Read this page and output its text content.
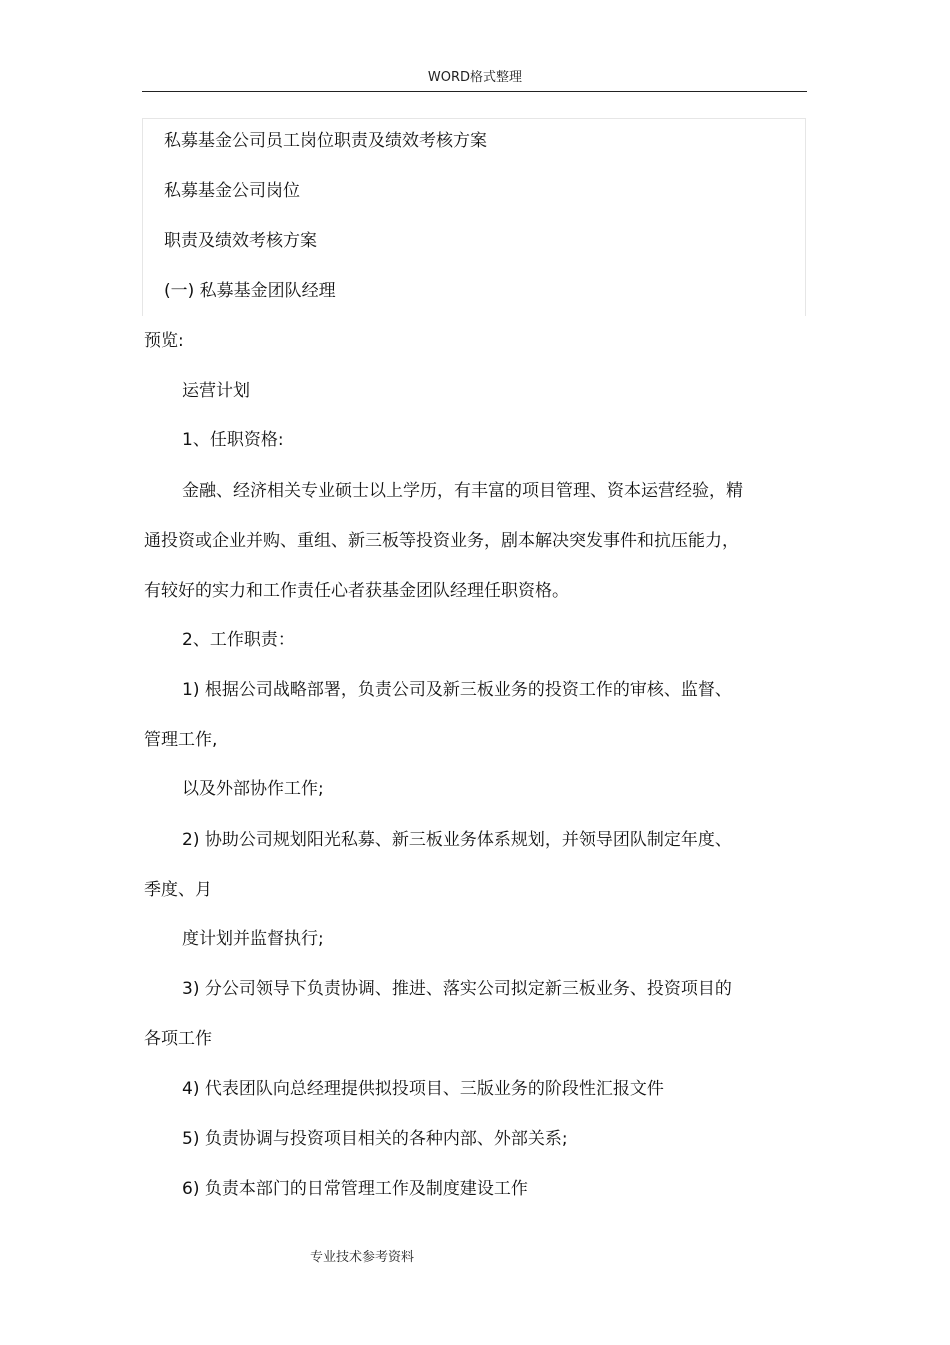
WORD格式整理
私募基金公司员工岗位职责及绩效考核方案
私募基金公司岗位
职责及绩效考核方案
(一) 私募基金团队经理
预览:
运营计划
1、任职资格:
金融、经济相关专业硕士以上学历，有丰富的项目管理、资本运营经验，精
通投资或企业并购、重组、新三板等投资业务，剧本解决突发事件和抗压能力，
有较好的实力和工作责任心者获基金团队经理任职资格。
2、工作职责：
1) 根据公司战略部署，负责公司及新三板业务的投资工作的审核、监督、
管理工作,
以及外部协作工作;
2) 协助公司规划阳光私募、新三板业务体系规划，并领导团队制定年度、
季度、月
度计划并监督执行;
3) 分公司领导下负责协调、推进、落实公司拟定新三板业务、投资项目的
各项工作
4) 代表团队向总经理提供拟投项目、三版业务的阶段性汇报文件
5) 负责协调与投资项目相关的各种内部、外部关系;
6) 负责本部门的日常管理工作及制度建设工作
专业技术参考资料
